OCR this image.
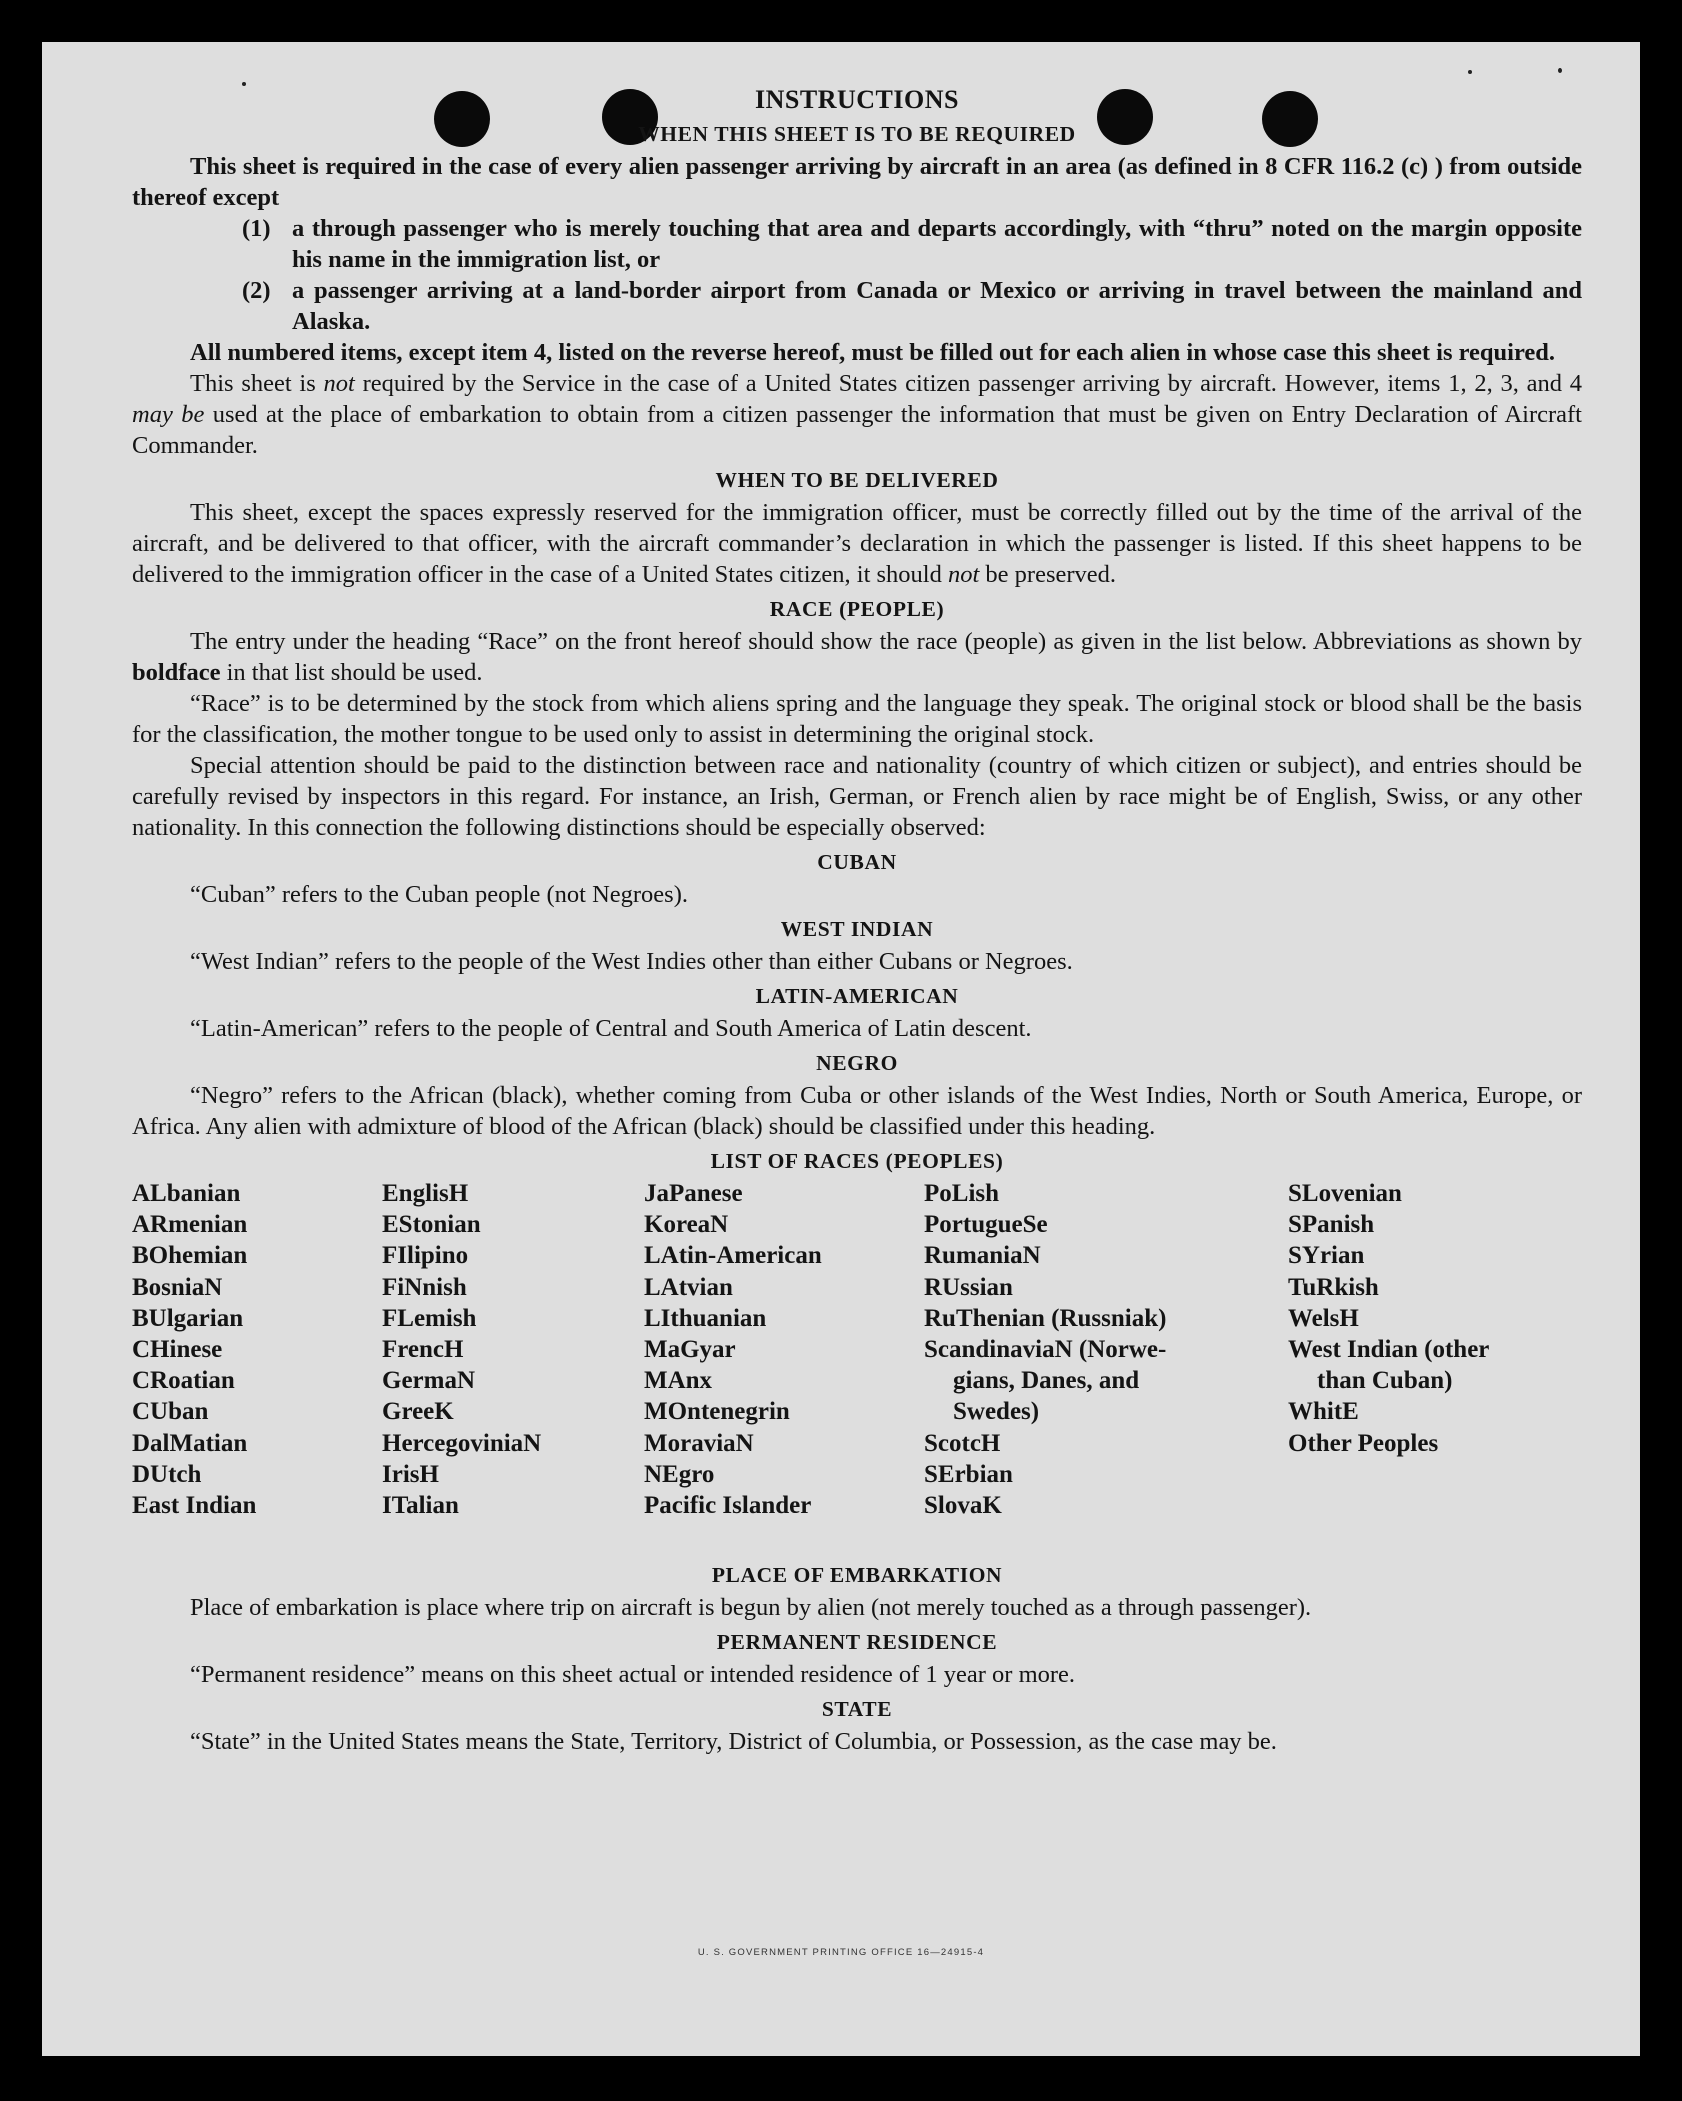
INSTRUCTIONS
WHEN THIS SHEET IS TO BE REQUIRED

This sheet is required in the case of every alien passenger arriving by aircraft in an area (as defined in 8 CFR 116.2 (c) ) from outside thereof except

(1) a through passenger who is merely touching that area and departs accordingly, with “thru” noted on the margin opposite his name in the immigration list, or
(2) a passenger arriving at a land-border airport from Canada or Mexico or arriving in travel between the mainland and Alaska.

All numbered items, except item 4, listed on the reverse hereof, must be filled out for each alien in whose case this sheet is required.

This sheet is not required by the Service in the case of a United States citizen passenger arriving by aircraft. However, items 1, 2, 3, and 4 may be used at the place of embarkation to obtain from a citizen passenger the information that must be given on Entry Declaration of Aircraft Commander.

WHEN TO BE DELIVERED

This sheet, except the spaces expressly reserved for the immigration officer, must be correctly filled out by the time of the arrival of the aircraft, and be delivered to that officer, with the aircraft commander’s declaration in which the passenger is listed. If this sheet happens to be delivered to the immigration officer in the case of a United States citizen, it should not be preserved.

RACE (PEOPLE)

The entry under the heading “Race” on the front hereof should show the race (people) as given in the list below. Abbreviations as shown by boldface in that list should be used.

“Race” is to be determined by the stock from which aliens spring and the language they speak. The original stock or blood shall be the basis for the classification, the mother tongue to be used only to assist in determining the original stock.

Special attention should be paid to the distinction between race and nationality (country of which citizen or subject), and entries should be carefully revised by inspectors in this regard. For instance, an Irish, German, or French alien by race might be of English, Swiss, or any other nationality. In this connection the following distinctions should be especially observed:

CUBAN

“Cuban” refers to the Cuban people (not Negroes).

WEST INDIAN

“West Indian” refers to the people of the West Indies other than either Cubans or Negroes.

LATIN-AMERICAN

“Latin-American” refers to the people of Central and South America of Latin descent.

NEGRO

“Negro” refers to the African (black), whether coming from Cuba or other islands of the West Indies, North or South America, Europe, or Africa. Any alien with admixture of blood of the African (black) should be classified under this heading.

LIST OF RACES (PEOPLES)
ALbanian
ARmenian
BOhemian
BosniaN
BUlgarian
CHinese
CRoatian
CUban
DalMatian
DUtch
East Indian
EnglisH
EStonian
FIlipino
FiNnish
FLemish
FrencH
GermaN
GreeK
HercegoviniaN
IrisH
ITalian
JaPanese
KoreaN
LAtin-American
LAtvian
LIthuanian
MaGyar
MAnx
MOntenegrin
MoraviaN
NEgro
Pacific Islander
PoLish
PortugueSe
RumaniaN
RUssian
RuThenian (Russniak)
ScandinaviaN (Norwe-
gians, Danes, and
Swedes)
ScotcH
SErbian
SlovaK
SLovenian
SPanish
SYrian
TuRkish
WelsH
West Indian (other
than Cuban)
WhitE
Other Peoples
PLACE OF EMBARKATION

Place of embarkation is place where trip on aircraft is begun by alien (not merely touched as a through passenger).

PERMANENT RESIDENCE

“Permanent residence” means on this sheet actual or intended residence of 1 year or more.

STATE

“State” in the United States means the State, Territory, District of Columbia, or Possession, as the case may be.

U. S. GOVERNMENT PRINTING OFFICE 16—24915-4
